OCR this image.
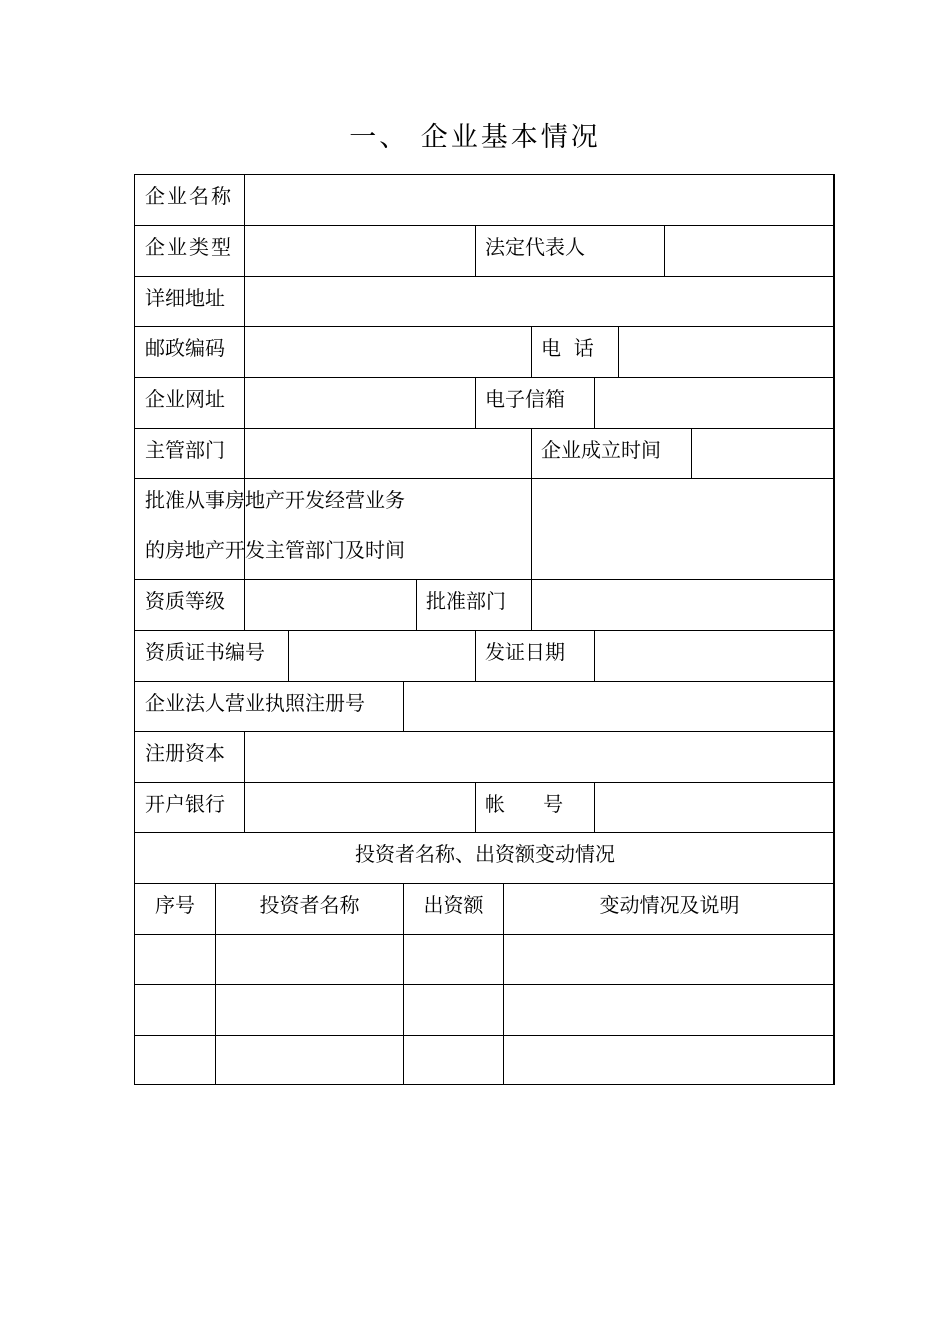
一、 企业基本情况
企业名称
企业类型	法定代表人
详细地址
邮政编码	电  话
企业网址	电子信箱
主管部门	企业成立时间
批准从事房地产开发经营业务
的房地产开发主管部门及时间
资质等级	批准部门
资质证书编号	发证日期
企业法人营业执照注册号
注册资本
开户银行	帐      号
投资者名称、出资额变动情况
序号	投资者名称	出资额	变动情况及说明
